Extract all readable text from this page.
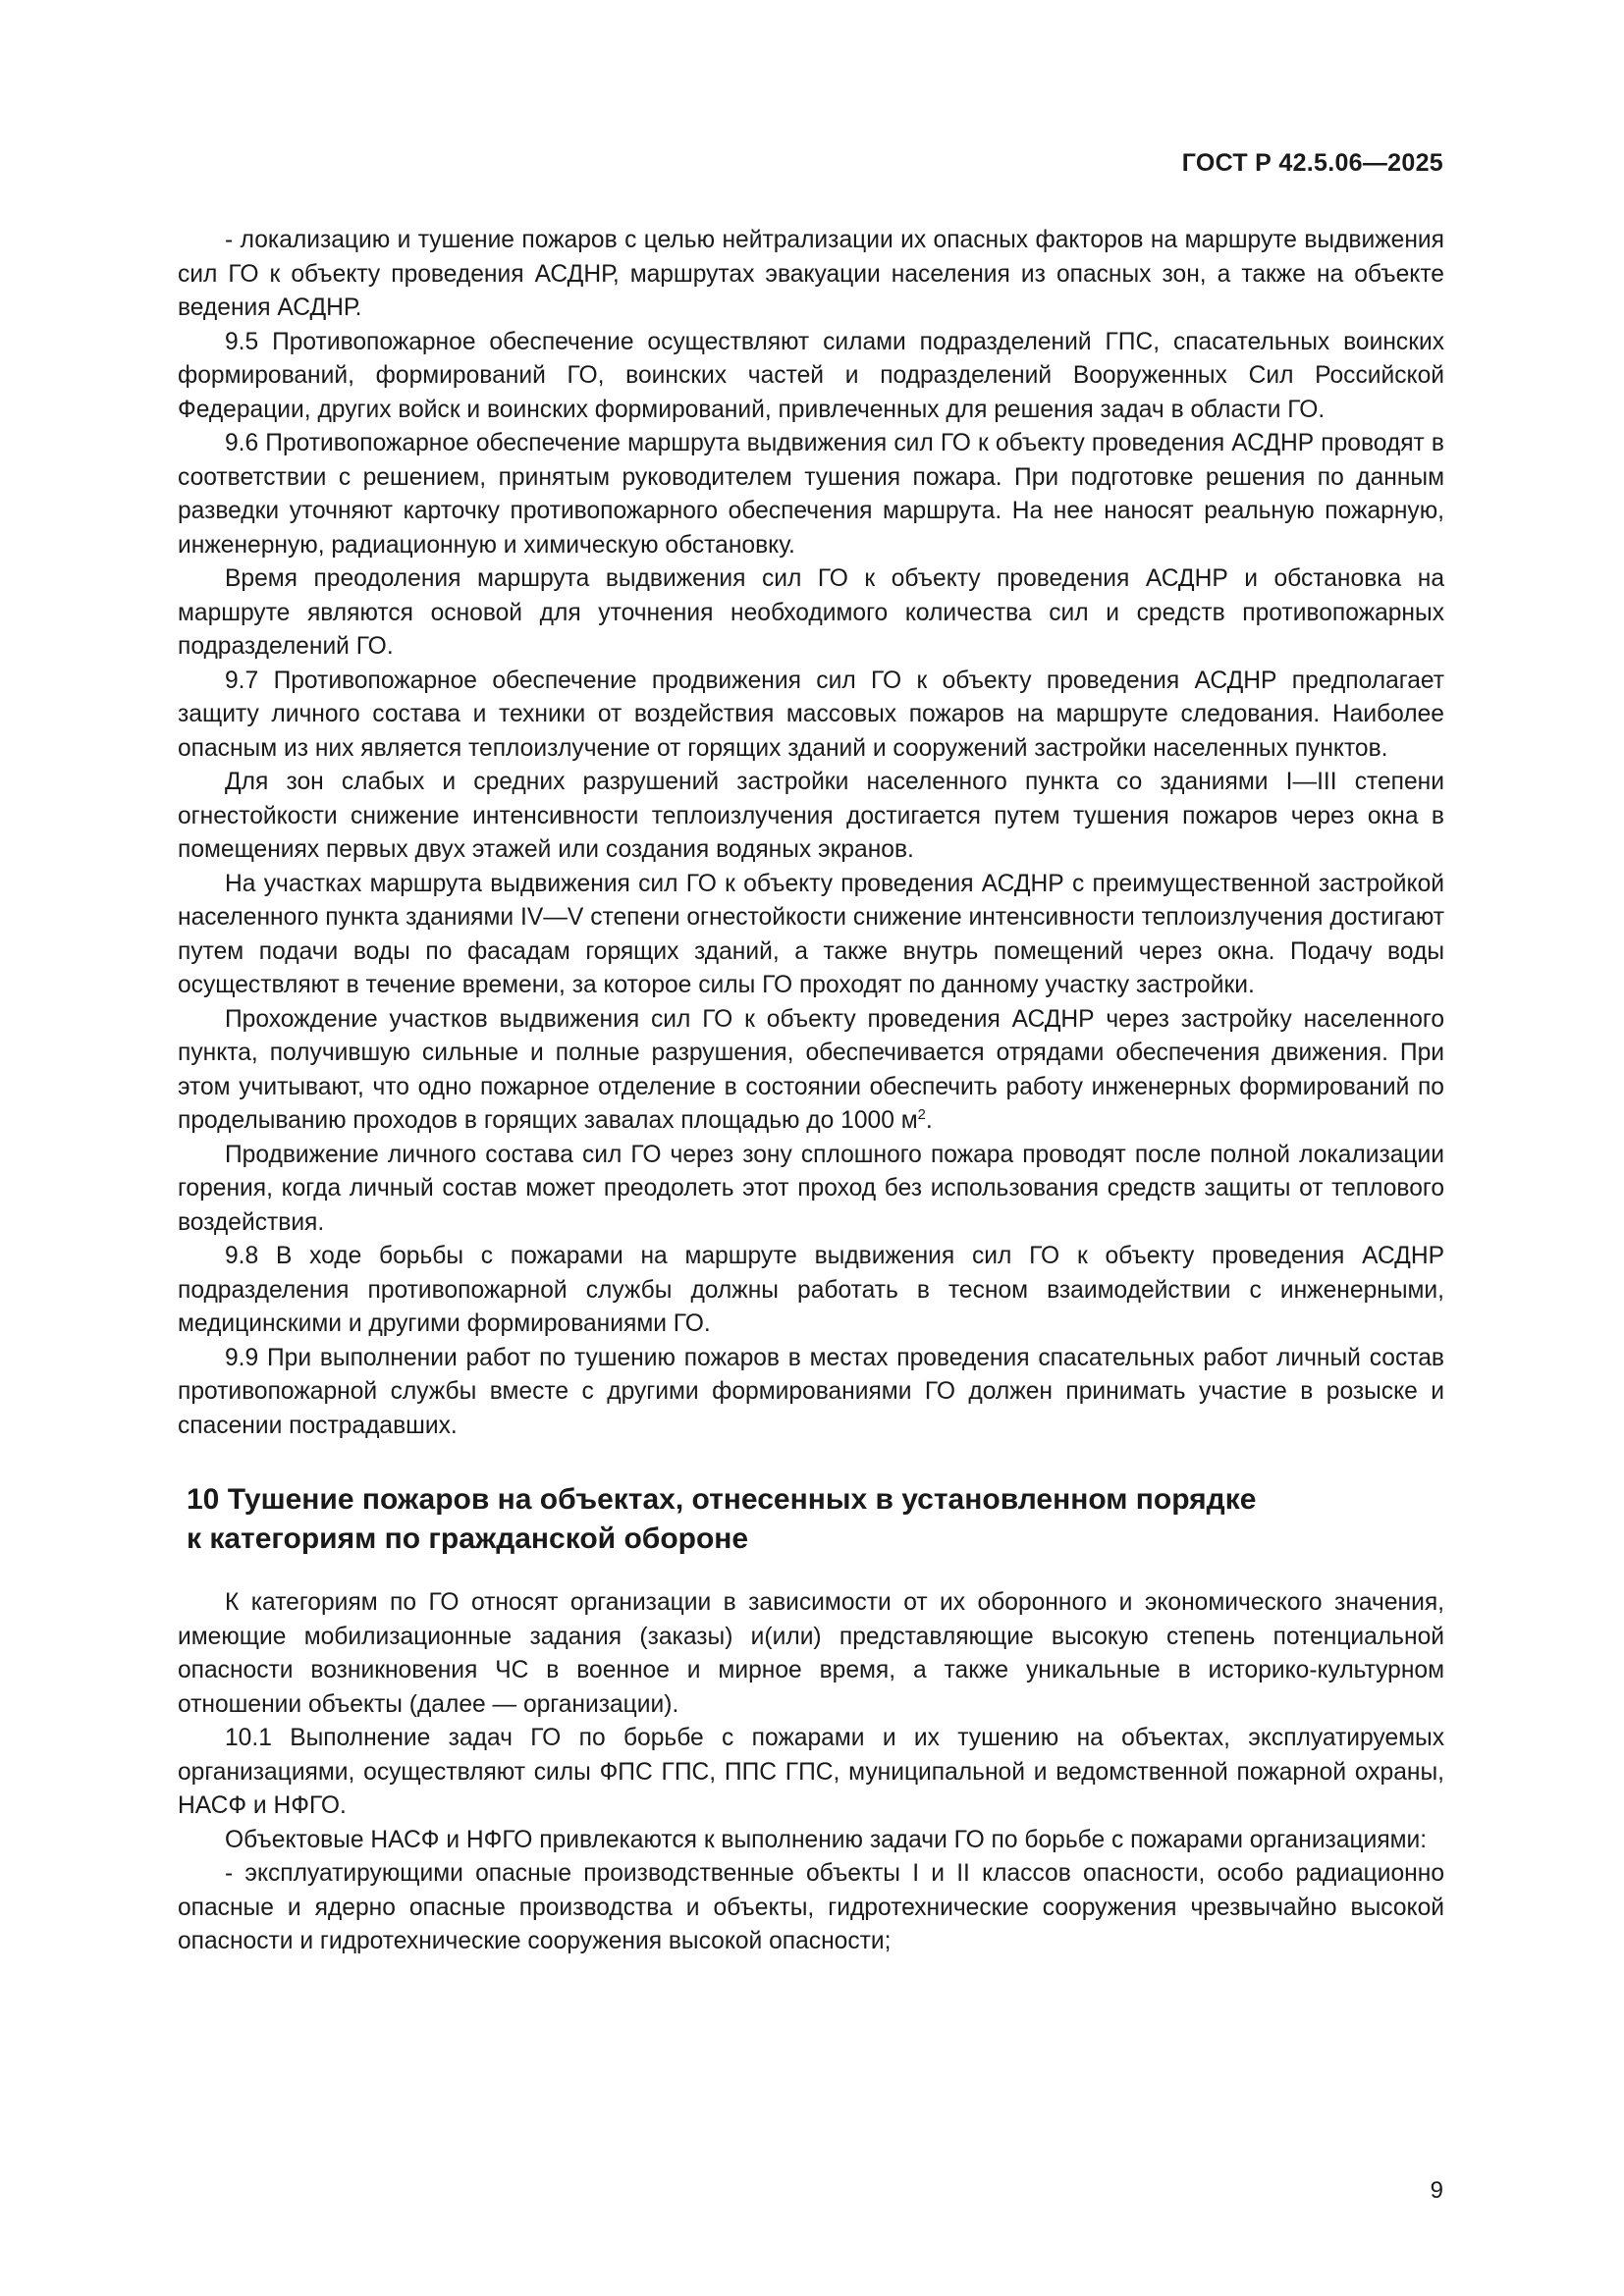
ГОСТ Р 42.5.06—2025

- локализацию и тушение пожаров с целью нейтрализации их опасных факторов на маршруте выдвижения сил ГО к объекту проведения АСДНР, маршрутах эвакуации населения из опасных зон, а также на объекте ведения АСДНР.

9.5 Противопожарное обеспечение осуществляют силами подразделений ГПС, спасательных воинских формирований, формирований ГО, воинских частей и подразделений Вооруженных Сил Российской Федерации, других войск и воинских формирований, привлеченных для решения задач в области ГО.

9.6 Противопожарное обеспечение маршрута выдвижения сил ГО к объекту проведения АСДНР проводят в соответствии с решением, принятым руководителем тушения пожара. При подготовке решения по данным разведки уточняют карточку противопожарного обеспечения маршрута. На нее наносят реальную пожарную, инженерную, радиационную и химическую обстановку.

Время преодоления маршрута выдвижения сил ГО к объекту проведения АСДНР и обстановка на маршруте являются основой для уточнения необходимого количества сил и средств противопожарных подразделений ГО.

9.7 Противопожарное обеспечение продвижения сил ГО к объекту проведения АСДНР предполагает защиту личного состава и техники от воздействия массовых пожаров на маршруте следования. Наиболее опасным из них является теплоизлучение от горящих зданий и сооружений застройки населенных пунктов.

Для зон слабых и средних разрушений застройки населенного пункта со зданиями I—III степени огнестойкости снижение интенсивности теплоизлучения достигается путем тушения пожаров через окна в помещениях первых двух этажей или создания водяных экранов.

На участках маршрута выдвижения сил ГО к объекту проведения АСДНР с преимущественной застройкой населенного пункта зданиями IV—V степени огнестойкости снижение интенсивности теплоизлучения достигают путем подачи воды по фасадам горящих зданий, а также внутрь помещений через окна. Подачу воды осуществляют в течение времени, за которое силы ГО проходят по данному участку застройки.

Прохождение участков выдвижения сил ГО к объекту проведения АСДНР через застройку населенного пункта, получившую сильные и полные разрушения, обеспечивается отрядами обеспечения движения. При этом учитывают, что одно пожарное отделение в состоянии обеспечить работу инженерных формирований по проделыванию проходов в горящих завалах площадью до 1000 $м^2$.

Продвижение личного состава сил ГО через зону сплошного пожара проводят после полной локализации горения, когда личный состав может преодолеть этот проход без использования средств защиты от теплового воздействия.

9.8 В ходе борьбы с пожарами на маршруте выдвижения сил ГО к объекту проведения АСДНР подразделения противопожарной службы должны работать в тесном взаимодействии с инженерными, медицинскими и другими формированиями ГО.

9.9 При выполнении работ по тушению пожаров в местах проведения спасательных работ личный состав противопожарной службы вместе с другими формированиями ГО должен принимать участие в розыске и спасении пострадавших.

10 Тушение пожаров на объектах, отнесенных в установленном порядке
к категориям по гражданской обороне

К категориям по ГО относят организации в зависимости от их оборонного и экономического значения, имеющие мобилизационные задания (заказы) и(или) представляющие высокую степень потенциальной опасности возникновения ЧС в военное и мирное время, а также уникальные в историко-культурном отношении объекты (далее — организации).

10.1 Выполнение задач ГО по борьбе с пожарами и их тушению на объектах, эксплуатируемых организациями, осуществляют силы ФПС ГПС, ППС ГПС, муниципальной и ведомственной пожарной охраны, НАСФ и НФГО.

Объектовые НАСФ и НФГО привлекаются к выполнению задачи ГО по борьбе с пожарами организациями:

- эксплуатирующими опасные производственные объекты I и II классов опасности, особо радиационно опасные и ядерно опасные производства и объекты, гидротехнические сооружения чрезвычайно высокой опасности и гидротехнические сооружения высокой опасности;

9
